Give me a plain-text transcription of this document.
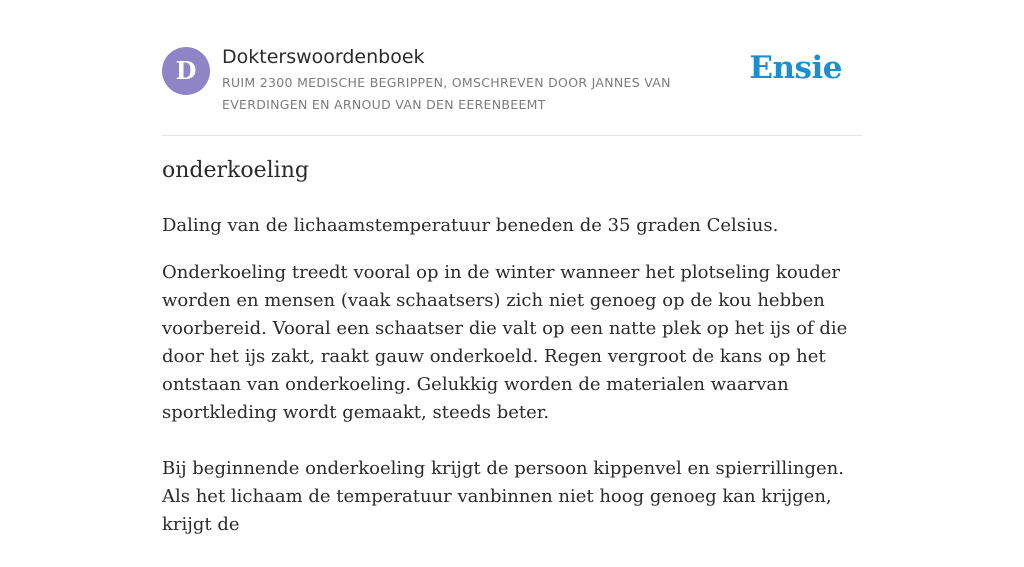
D	Dokterswoordenboek
RUIM 2300 MEDISCHE BEGRIPPEN, OMSCHREVEN DOOR JANNES VAN EVERDINGEN EN ARNOUD VAN DEN EERENBEEMT
Ensie
onderkoeling

Daling van de lichaamstemperatuur beneden de 35 graden Celsius.

Onderkoeling treedt vooral op in de winter wanneer het plotseling kouder worden en mensen (vaak schaatsers) zich niet genoeg op de kou hebben voorbereid. Vooral een schaatser die valt op een natte plek op het ijs of die door het ijs zakt, raakt gauw onderkoeld. Regen vergroot de kans op het ontstaan van onderkoeling. Gelukkig worden de materialen waarvan sportkleding wordt gemaakt, steeds beter.

Bij beginnende onderkoeling krijgt de persoon kippenvel en spierrillingen. Als het lichaam de temperatuur vanbinnen niet hoog genoeg kan krijgen, krijgt de
